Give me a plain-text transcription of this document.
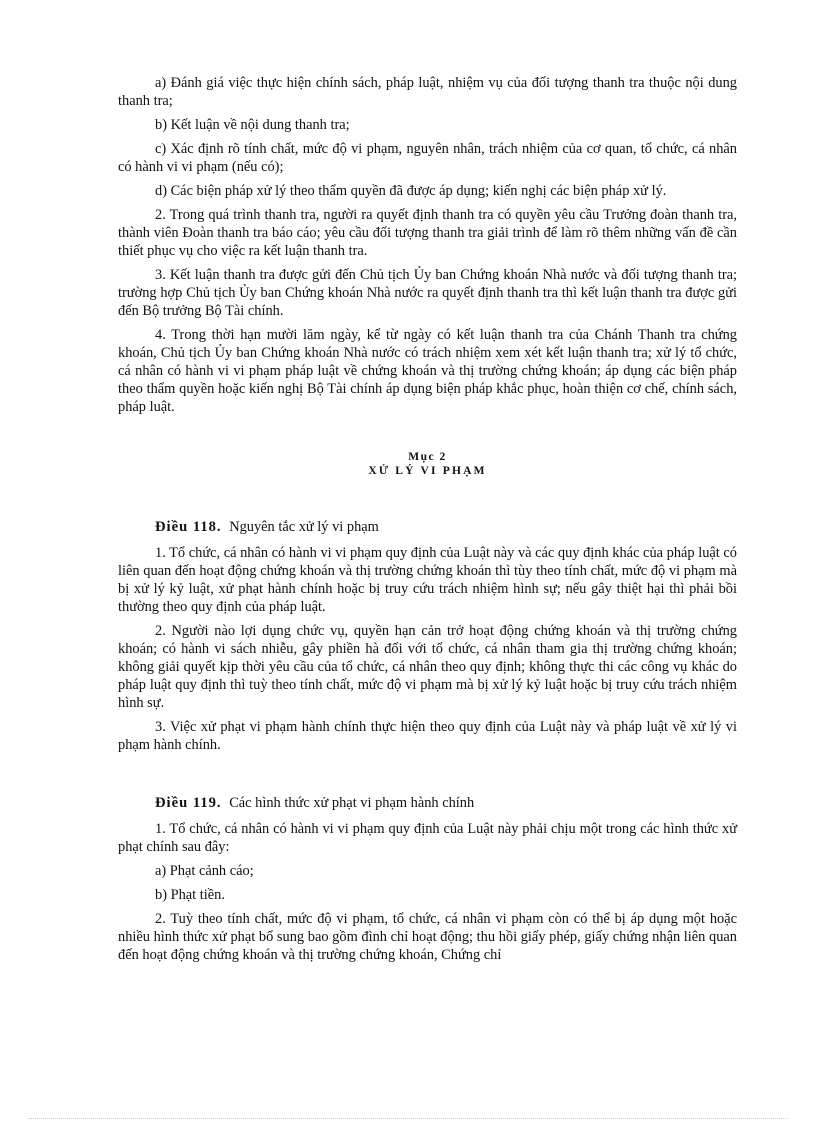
a) Đánh giá việc thực hiện chính sách, pháp luật, nhiệm vụ của đối tượng thanh tra thuộc nội dung thanh tra;

b) Kết luận về nội dung thanh tra;

c) Xác định rõ tính chất, mức độ vi phạm, nguyên nhân, trách nhiệm của cơ quan, tổ chức, cá nhân có hành vi vi phạm (nếu có);

d) Các biện pháp xử lý theo thẩm quyền đã được áp dụng; kiến nghị các biện pháp xử lý.

2. Trong quá trình thanh tra, người ra quyết định thanh tra có quyền yêu cầu Trưởng đoàn thanh tra, thành viên Đoàn thanh tra báo cáo; yêu cầu đối tượng thanh tra giải trình để làm rõ thêm những vấn đề cần thiết phục vụ cho việc ra kết luận thanh tra.

3. Kết luận thanh tra được gửi đến Chủ tịch Ủy ban Chứng khoán Nhà nước và đối tượng thanh tra; trường hợp Chủ tịch Ủy ban Chứng khoán Nhà nước ra quyết định thanh tra thì kết luận thanh tra được gửi đến Bộ trưởng Bộ Tài chính.

4. Trong thời hạn mười lăm ngày, kể từ ngày có kết luận thanh tra của Chánh Thanh tra chứng khoán, Chủ tịch Ủy ban Chứng khoán Nhà nước có trách nhiệm xem xét kết luận thanh tra; xử lý tổ chức, cá nhân có hành vi vi phạm pháp luật về chứng khoán và thị trường chứng khoán; áp dụng các biện pháp theo thẩm quyền hoặc kiến nghị Bộ Tài chính áp dụng biện pháp khắc phục, hoàn thiện cơ chế, chính sách, pháp luật.

Mục 2
XỬ LÝ VI PHẠM

Điều 118. Nguyên tắc xử lý vi phạm

1. Tổ chức, cá nhân có hành vi vi phạm quy định của Luật này và các quy định khác của pháp luật có liên quan đến hoạt động chứng khoán và thị trường chứng khoán thì tùy theo tính chất, mức độ vi phạm mà bị xử lý kỷ luật, xử phạt hành chính hoặc bị truy cứu trách nhiệm hình sự; nếu gây thiệt hại thì phải bồi thường theo quy định của pháp luật.

2. Người nào lợi dụng chức vụ, quyền hạn cản trở hoạt động chứng khoán và thị trường chứng khoán; có hành vi sách nhiễu, gây phiền hà đối với tổ chức, cá nhân tham gia thị trường chứng khoán; không giải quyết kịp thời yêu cầu của tổ chức, cá nhân theo quy định; không thực thi các công vụ khác do pháp luật quy định thì tuỳ theo tính chất, mức độ vi phạm mà bị xử lý kỷ luật hoặc bị truy cứu trách nhiệm hình sự.

3. Việc xử phạt vi phạm hành chính thực hiện theo quy định của Luật này và pháp luật về xử lý vi phạm hành chính.

Điều 119. Các hình thức xử phạt vi phạm hành chính

1. Tổ chức, cá nhân có hành vi vi phạm quy định của Luật này phải chịu một trong các hình thức xử phạt chính sau đây:

a) Phạt cảnh cáo;

b) Phạt tiền.

2. Tuỳ theo tính chất, mức độ vi phạm, tổ chức, cá nhân vi phạm còn có thể bị áp dụng một hoặc nhiều hình thức xử phạt bổ sung bao gồm đình chỉ hoạt động; thu hồi giấy phép, giấy chứng nhận liên quan đến hoạt động chứng khoán và thị trường chứng khoán, Chứng chỉ
